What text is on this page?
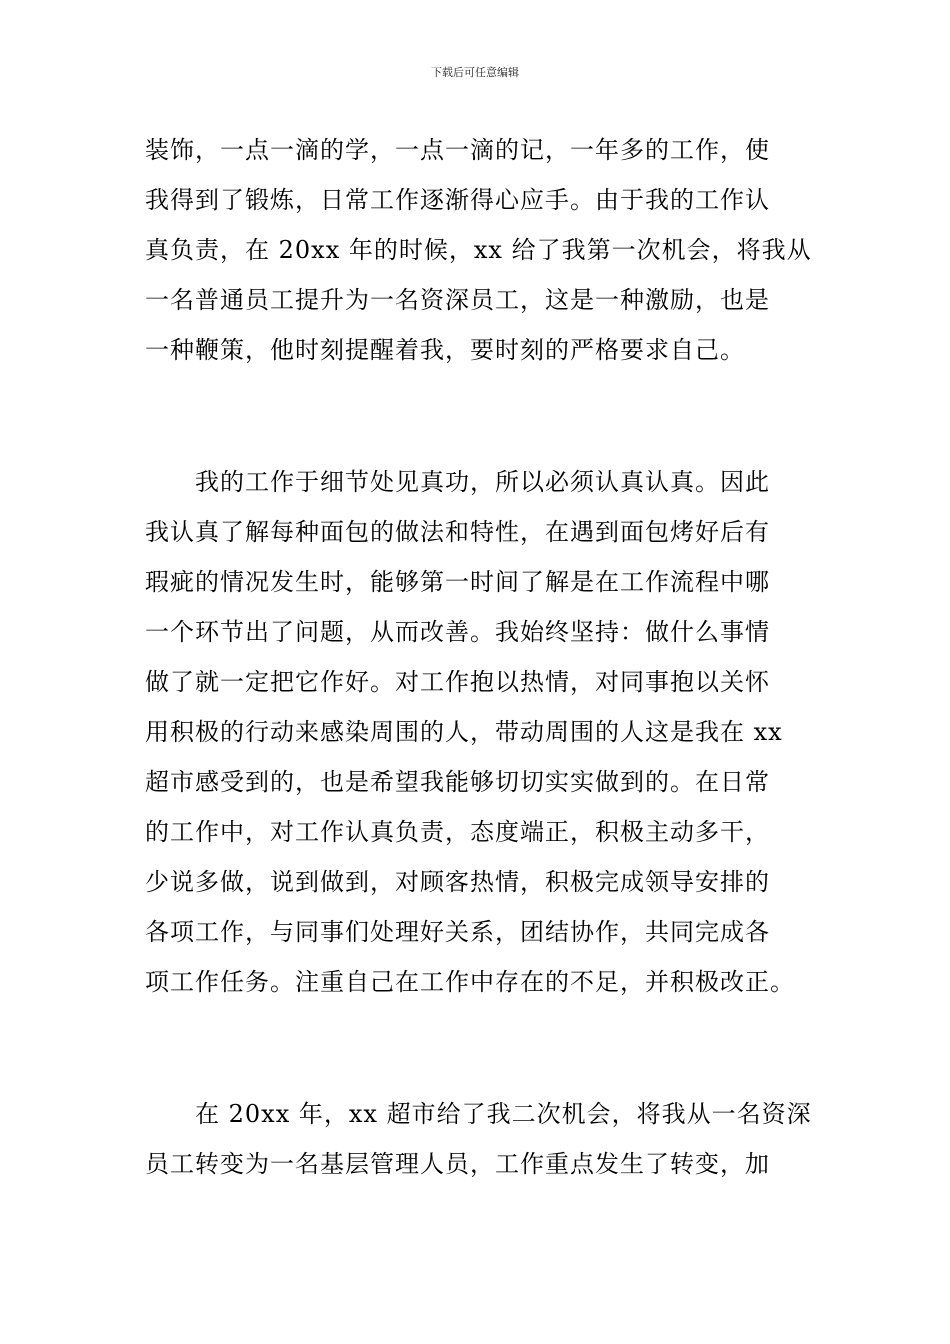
下载后可任意编辑
装饰，一点一滴的学，一点一滴的记，一年多的工作，使
我得到了锻炼，日常工作逐渐得心应手。由于我的工作认
真负责，在 20xx 年的时候，xx 给了我第一次机会，将我从
一名普通员工提升为一名资深员工，这是一种激励，也是
一种鞭策，他时刻提醒着我，要时刻的严格要求自己。
　　我的工作于细节处见真功，所以必须认真认真。因此
我认真了解每种面包的做法和特性，在遇到面包烤好后有
瑕疵的情况发生时，能够第一时间了解是在工作流程中哪
一个环节出了问题，从而改善。我始终坚持：做什么事情
做了就一定把它作好。对工作抱以热情，对同事抱以关怀
用积极的行动来感染周围的人，带动周围的人这是我在 xx
超市感受到的，也是希望我能够切切实实做到的。在日常
的工作中，对工作认真负责，态度端正，积极主动多干，
少说多做，说到做到，对顾客热情，积极完成领导安排的
各项工作，与同事们处理好关系，团结协作，共同完成各
项工作任务。注重自己在工作中存在的不足，并积极改正。
　　在 20xx 年，xx 超市给了我二次机会，将我从一名资深
员工转变为一名基层管理人员，工作重点发生了转变，加
